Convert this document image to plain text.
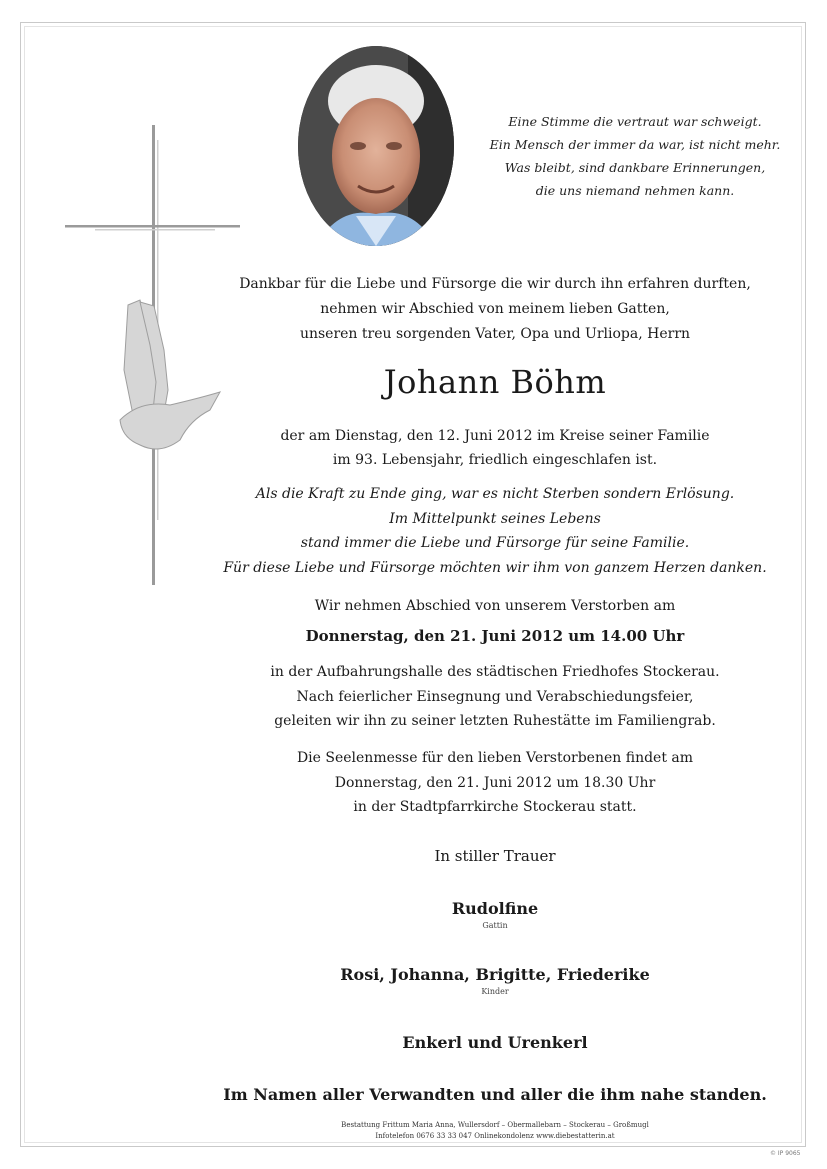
Eine Stimme die vertraut war schweigt.
Ein Mensch der immer da war, ist nicht mehr.
Was bleibt, sind dankbare Erinnerungen,
die uns niemand nehmen kann.
Dankbar für die Liebe und Fürsorge die wir durch ihn erfahren durften,
nehmen wir Abschied von meinem lieben Gatten,
unseren treu sorgenden Vater, Opa und Urliopa, Herrn
Johann Böhm
der am Dienstag, den 12. Juni 2012 im Kreise seiner Familie
im 93. Lebensjahr, friedlich eingeschlafen ist.
Als die Kraft zu Ende ging, war es nicht Sterben sondern Erlösung.
Im Mittelpunkt seines Lebens
stand immer die Liebe und Fürsorge für seine Familie.
Für diese Liebe und Fürsorge möchten wir ihm von ganzem Herzen danken.
Wir nehmen Abschied von unserem Verstorben am
Donnerstag, den 21. Juni 2012 um 14.00 Uhr
in der Aufbahrungshalle des städtischen Friedhofes Stockerau.
Nach feierlicher Einsegnung und Verabschiedungsfeier,
geleiten wir ihn zu seiner letzten Ruhestätte im Familiengrab.
Die Seelenmesse für den lieben Verstorbenen findet am
Donnerstag, den 21. Juni 2012 um 18.30 Uhr
in der Stadtpfarrkirche Stockerau statt.
In stiller Trauer
Rudolfine
Gattin
Rosi, Johanna, Brigitte, Friederike
Kinder
Enkerl und Urenkerl
Im Namen aller Verwandten und aller die ihm nahe standen.
Bestattung Frittum Maria Anna, Wullersdorf – Obermallebarn – Stockerau – Großmugl
Infotelefon 0676 33 33 047 Onlinekondolenz www.diebestatterin.at
© IP 9065
